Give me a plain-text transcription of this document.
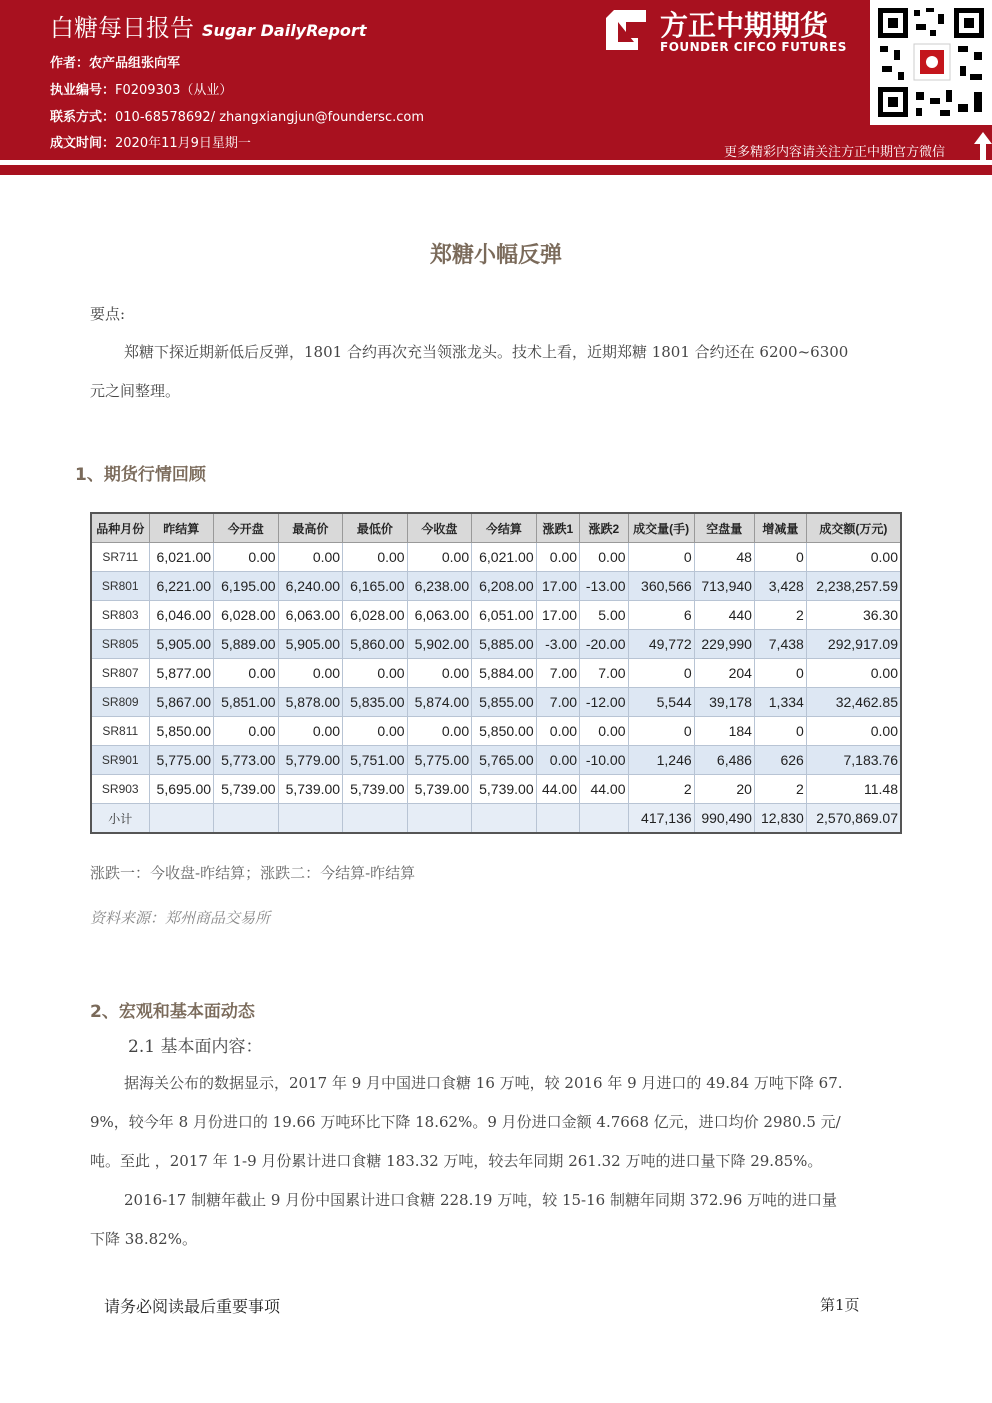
白糖每日报告 Sugar DailyReport
作者：农产品组张向军
执业编号：F0209303（从业）
联系方式：010-68578692/ zhangxiangjun@foundersc.com
成文时间：2020年11月9日星期一
方正中期期货
FOUNDER CIFCO FUTURES
更多精彩内容请关注方正中期官方微信
郑糖小幅反弹
要点:
郑糖下探近期新低后反弹，1801 合约再次充当领涨龙头。技术上看，近期郑糖 1801 合约还在 6200~6300
元之间整理。
1、期货行情回顾
品种月份	昨结算	今开盘	最高价	最低价	今收盘	今结算	涨跌1	涨跌2	成交量(手)	空盘量	增减量	成交额(万元)
SR711	6,021.00	0.00	0.00	0.00	0.00	6,021.00	0.00	0.00	0	48	0	0.00
SR801	6,221.00	6,195.00	6,240.00	6,165.00	6,238.00	6,208.00	17.00	-13.00	360,566	713,940	3,428	2,238,257.59
SR803	6,046.00	6,028.00	6,063.00	6,028.00	6,063.00	6,051.00	17.00	5.00	6	440	2	36.30
SR805	5,905.00	5,889.00	5,905.00	5,860.00	5,902.00	5,885.00	-3.00	-20.00	49,772	229,990	7,438	292,917.09
SR807	5,877.00	0.00	0.00	0.00	0.00	5,884.00	7.00	7.00	0	204	0	0.00
SR809	5,867.00	5,851.00	5,878.00	5,835.00	5,874.00	5,855.00	7.00	-12.00	5,544	39,178	1,334	32,462.85
SR811	5,850.00	0.00	0.00	0.00	0.00	5,850.00	0.00	0.00	0	184	0	0.00
SR901	5,775.00	5,773.00	5,779.00	5,751.00	5,775.00	5,765.00	0.00	-10.00	1,246	6,486	626	7,183.76
SR903	5,695.00	5,739.00	5,739.00	5,739.00	5,739.00	5,739.00	44.00	44.00	2	20	2	11.48
小计									417,136	990,490	12,830	2,570,869.07
涨跌一：今收盘-昨结算；涨跌二：今结算-昨结算
资料来源：郑州商品交易所
2、宏观和基本面动态
2.1 基本面内容：
据海关公布的数据显示，2017 年 9 月中国进口食糖 16 万吨，较 2016 年 9 月进口的 49.84 万吨下降 67.
9%，较今年 8 月份进口的 19.66 万吨环比下降 18.62%。9 月份进口金额 4.7668 亿元，进口均价 2980.5 元/
吨。至此 ，2017 年 1-9 月份累计进口食糖 183.32 万吨，较去年同期 261.32 万吨的进口量下降 29.85%。
2016-17 制糖年截止 9 月份中国累计进口食糖 228.19 万吨，较 15-16 制糖年同期 372.96 万吨的进口量
下降 38.82%。
请务必阅读最后重要事项	第1页
